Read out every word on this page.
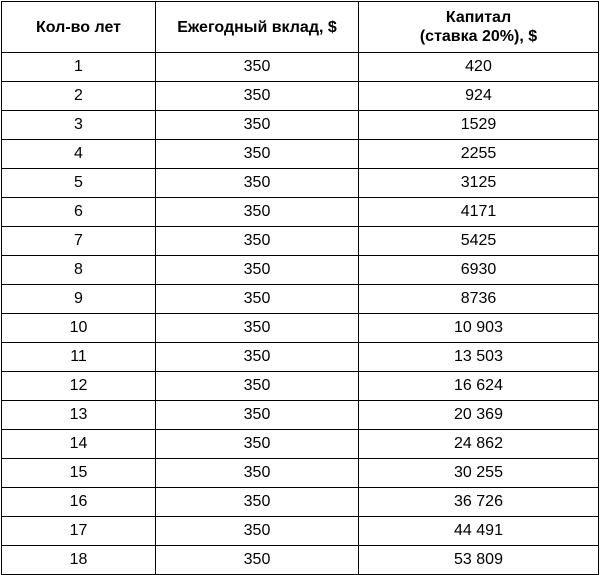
Кол-во лет	Ежегодный вклад, $	Капитал
(ставка 20%), $

1	350	420
2	350	924
3	350	1529
4	350	2255
5	350	3125
6	350	4171
7	350	5425
8	350	6930
9	350	8736
10	350	10 903
11	350	13 503
12	350	16 624
13	350	20 369
14	350	24 862
15	350	30 255
16	350	36 726
17	350	44 491
18	350	53 809
